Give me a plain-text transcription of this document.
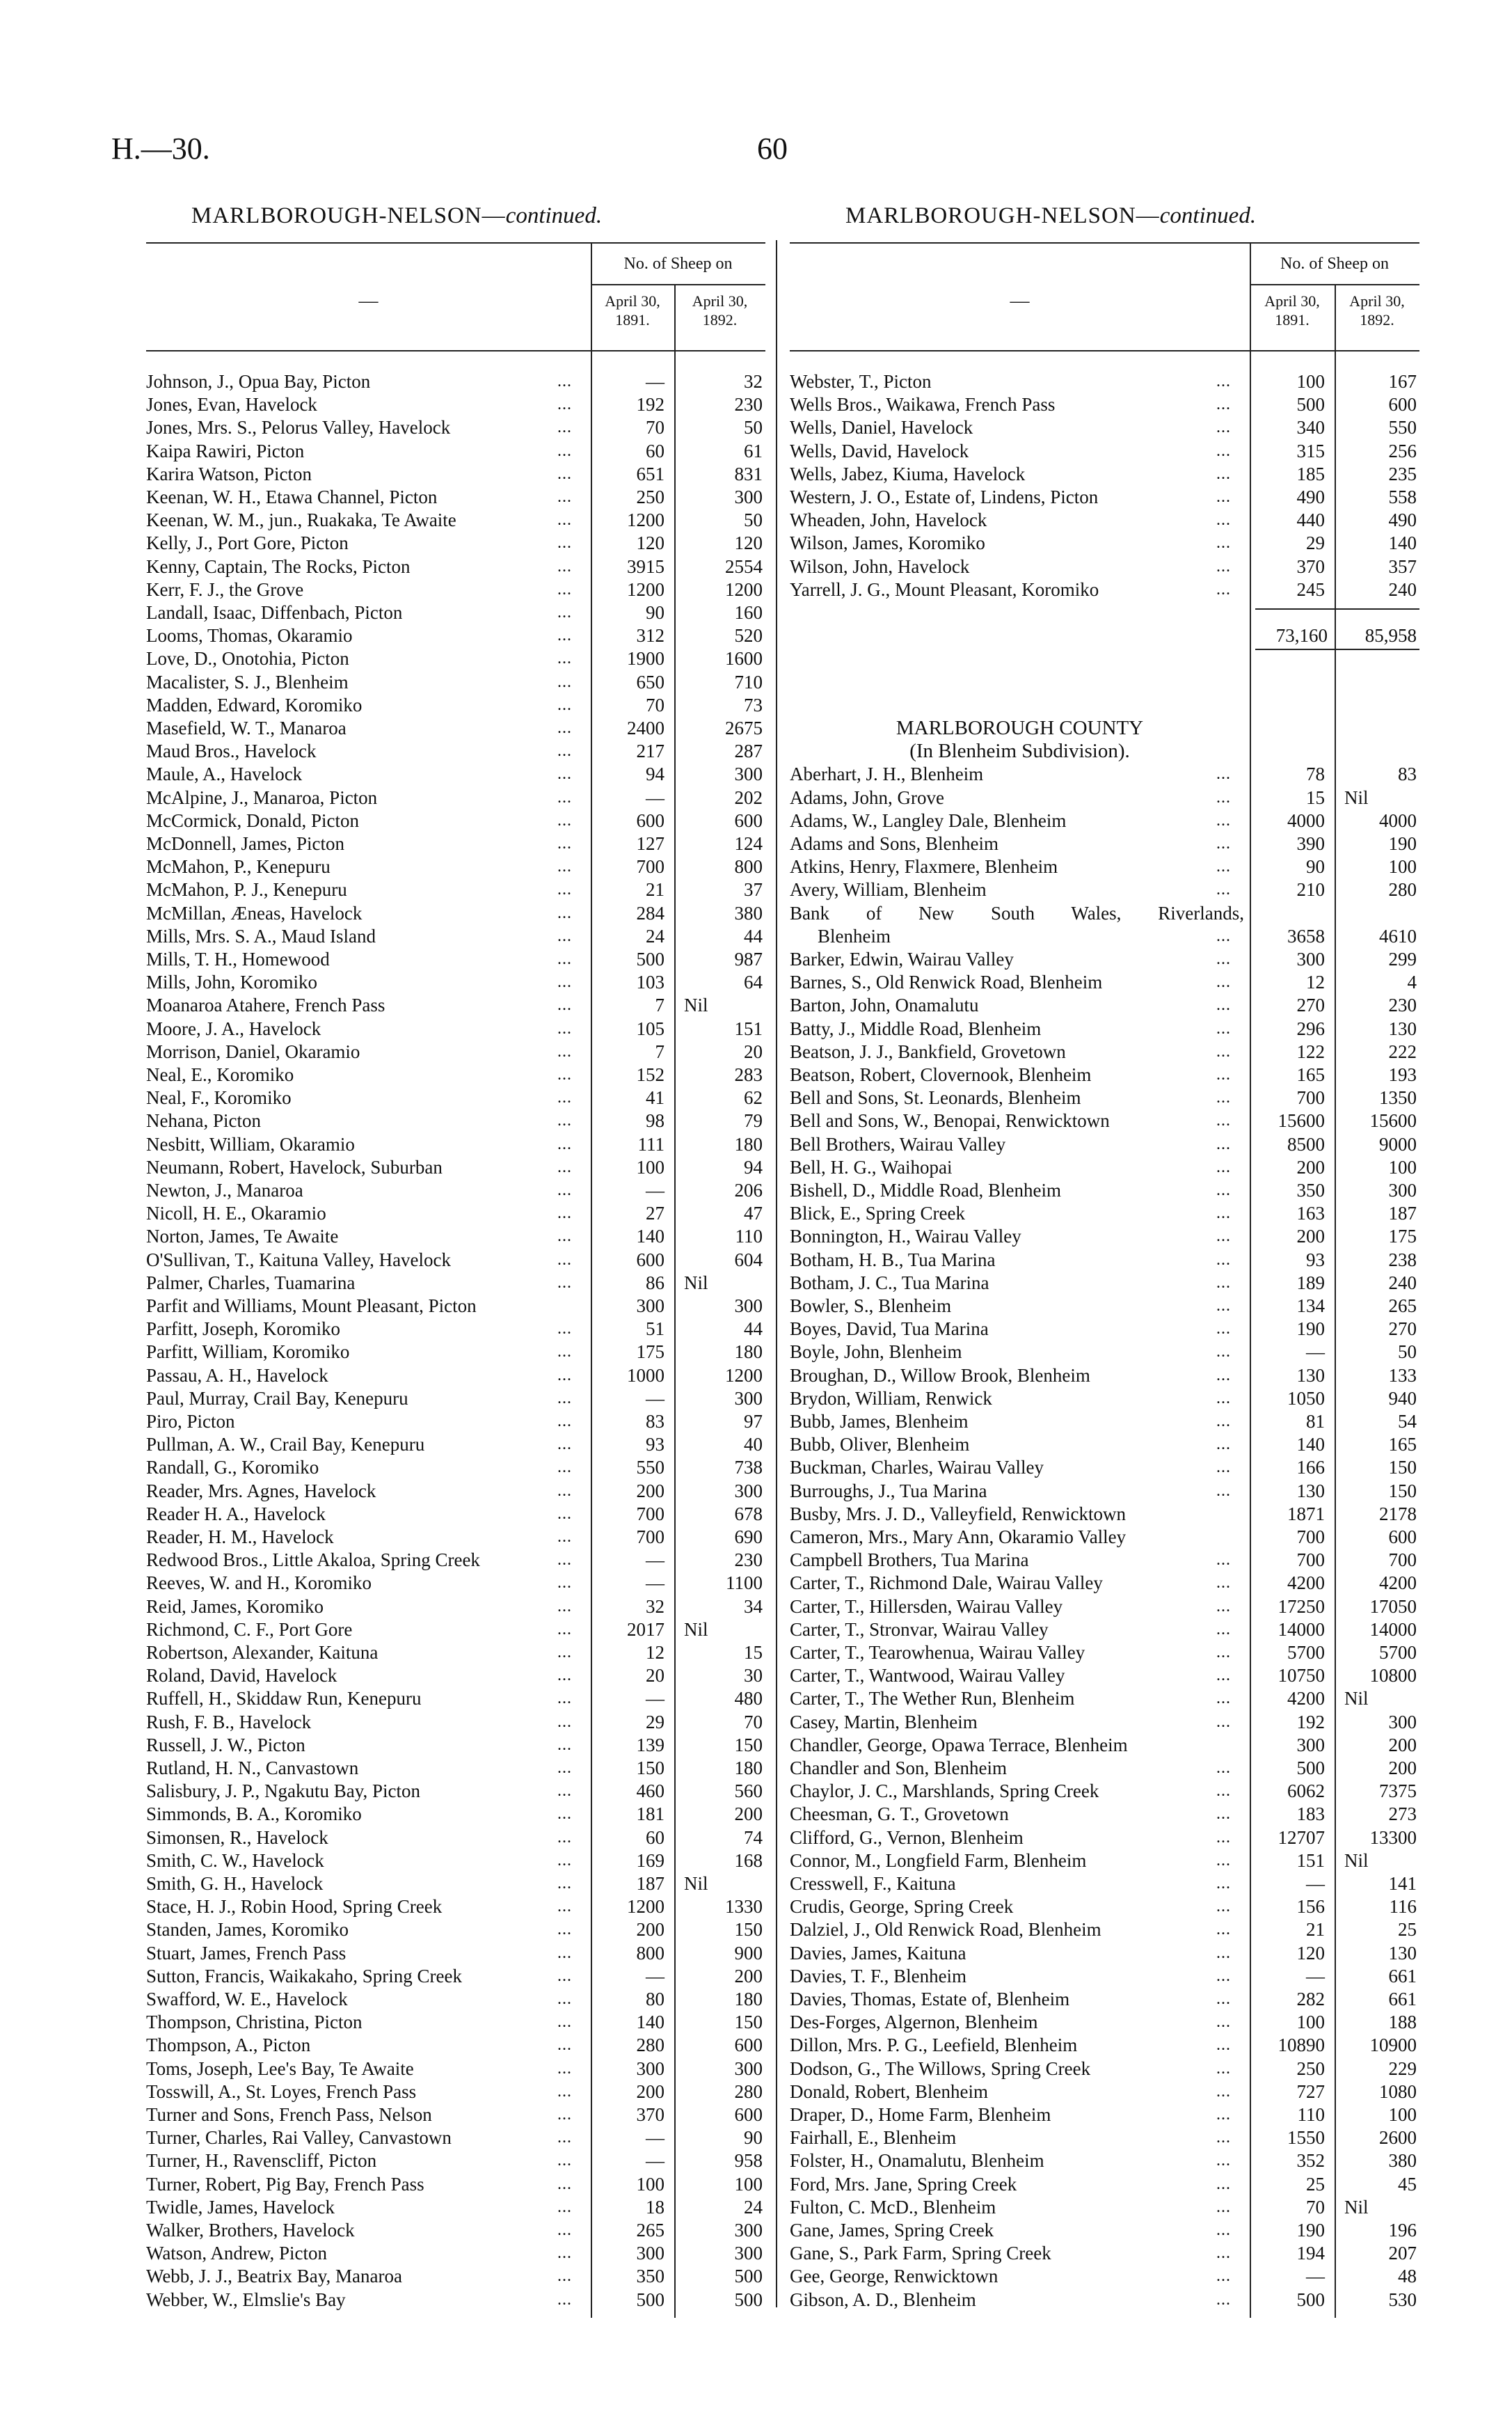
H.—30.	60
MARLBOROUGH-NELSON—continued.	MARLBOROUGH-NELSON—continued.
—
No. of Sheep on
April 30,
1891.
April 30,
1892.
—
No. of Sheep on
April 30,
1891.
April 30,
1892.
Johnson, J., Opua Bay, Picton	...	—	32
Jones, Evan, Havelock	...	192	230
Jones, Mrs. S., Pelorus Valley, Havelock	...	70	50
Kaipa Rawiri, Picton	...	60	61
Karira Watson, Picton	...	651	831
Keenan, W. H., Etawa Channel, Picton	...	250	300
Keenan, W. M., jun., Ruakaka, Te Awaite	...	1200	50
Kelly, J., Port Gore, Picton	...	120	120
Kenny, Captain, The Rocks, Picton	...	3915	2554
Kerr, F. J., the Grove	...	1200	1200
Landall, Isaac, Diffenbach, Picton	...	90	160
Looms, Thomas, Okaramio	...	312	520
Love, D., Onotohia, Picton	...	1900	1600
Macalister, S. J., Blenheim	...	650	710
Madden, Edward, Koromiko	...	70	73
Masefield, W. T., Manaroa	...	2400	2675
Maud Bros., Havelock	...	217	287
Maule, A., Havelock	...	94	300
McAlpine, J., Manaroa, Picton	...	—	202
McCormick, Donald, Picton	...	600	600
McDonnell, James, Picton	...	127	124
McMahon, P., Kenepuru	...	700	800
McMahon, P. J., Kenepuru	...	21	37
McMillan, Æneas, Havelock	...	284	380
Mills, Mrs. S. A., Maud Island	...	24	44
Mills, T. H., Homewood	...	500	987
Mills, John, Koromiko	...	103	64
Moanaroa Atahere, French Pass	...	7 Nil
Moore, J. A., Havelock	...	105	151
Morrison, Daniel, Okaramio	...	7	20
Neal, E., Koromiko	...	152	283
Neal, F., Koromiko	...	41	62
Nehana, Picton	...	98	79
Nesbitt, William, Okaramio	...	111	180
Neumann, Robert, Havelock, Suburban	...	100	94
Newton, J., Manaroa	...	—	206
Nicoll, H. E., Okaramio	...	27	47
Norton, James, Te Awaite	...	140	110
O'Sullivan, T., Kaituna Valley, Havelock	...	600	604
Palmer, Charles, Tuamarina	...	86 Nil
Parfit and Williams, Mount Pleasant, Picton	300	300
Parfitt, Joseph, Koromiko	...	51	44
Parfitt, William, Koromiko	...	175	180
Passau, A. H., Havelock	...	1000	1200
Paul, Murray, Crail Bay, Kenepuru	...	—	300
Piro, Picton	...	83	97
Pullman, A. W., Crail Bay, Kenepuru	...	93	40
Randall, G., Koromiko	...	550	738
Reader, Mrs. Agnes, Havelock	...	200	300
Reader H. A., Havelock	...	700	678
Reader, H. M., Havelock	...	700	690
Redwood Bros., Little Akaloa, Spring Creek	...	—	230
Reeves, W. and H., Koromiko	...	—	1100
Reid, James, Koromiko	...	32	34
Richmond, C. F., Port Gore	...	2017 Nil
Robertson, Alexander, Kaituna	...	12	15
Roland, David, Havelock	...	20	30
Ruffell, H., Skiddaw Run, Kenepuru	...	—	480
Rush, F. B., Havelock	...	29	70
Russell, J. W., Picton	...	139	150
Rutland, H. N., Canvastown	...	150	180
Salisbury, J. P., Ngakutu Bay, Picton	...	460	560
Simmonds, B. A., Koromiko	...	181	200
Simonsen, R., Havelock	...	60	74
Smith, C. W., Havelock	...	169	168
Smith, G. H., Havelock	...	187 Nil
Stace, H. J., Robin Hood, Spring Creek	...	1200	1330
Standen, James, Koromiko	...	200	150
Stuart, James, French Pass	...	800	900
Sutton, Francis, Waikakaho, Spring Creek	...	—	200
Swafford, W. E., Havelock	...	80	180
Thompson, Christina, Picton	...	140	150
Thompson, A., Picton	...	280	600
Toms, Joseph, Lee's Bay, Te Awaite	...	300	300
Tosswill, A., St. Loyes, French Pass	...	200	280
Turner and Sons, French Pass, Nelson	...	370	600
Turner, Charles, Rai Valley, Canvastown	...	—	90
Turner, H., Ravenscliff, Picton	...	—	958
Turner, Robert, Pig Bay, French Pass	...	100	100
Twidle, James, Havelock	...	18	24
Walker, Brothers, Havelock	...	265	300
Watson, Andrew, Picton	...	300	300
Webb, J. J., Beatrix Bay, Manaroa	...	350	500
Webber, W., Elmslie's Bay	...	500	500
Webster, T., Picton	...	100	167
Wells Bros., Waikawa, French Pass	...	500	600
Wells, Daniel, Havelock	...	340	550
Wells, David, Havelock	...	315	256
Wells, Jabez, Kiuma, Havelock	...	185	235
Western, J. O., Estate of, Lindens, Picton	...	490	558
Wheaden, John, Havelock	...	440	490
Wilson, James, Koromiko	...	29	140
Wilson, John, Havelock	...	370	357
Yarrell, J. G., Mount Pleasant, Koromiko	...	245	240
73,160	85,958
MARLBOROUGH COUNTY
(In Blenheim Subdivision).
Aberhart, J. H., Blenheim	...	78	83
Adams, John, Grove	...	15 Nil
Adams, W., Langley Dale, Blenheim	...	4000	4000
Adams and Sons, Blenheim	...	390	190
Atkins, Henry, Flaxmere, Blenheim	...	90	100
Avery, William, Blenheim	...	210	280
Bank of New South Wales, Riverlands,
Blenheim	...	3658	4610
Barker, Edwin, Wairau Valley	...	300	299
Barnes, S., Old Renwick Road, Blenheim	...	12	4
Barton, John, Onamalutu	...	270	230
Batty, J., Middle Road, Blenheim	...	296	130
Beatson, J. J., Bankfield, Grovetown	...	122	222
Beatson, Robert, Clovernook, Blenheim	...	165	193
Bell and Sons, St. Leonards, Blenheim	...	700	1350
Bell and Sons, W., Benopai, Renwicktown	...	15600	15600
Bell Brothers, Wairau Valley	...	8500	9000
Bell, H. G., Waihopai	...	200	100
Bishell, D., Middle Road, Blenheim	...	350	300
Blick, E., Spring Creek	...	163	187
Bonnington, H., Wairau Valley	...	200	175
Botham, H. B., Tua Marina	...	93	238
Botham, J. C., Tua Marina	...	189	240
Bowler, S., Blenheim	...	134	265
Boyes, David, Tua Marina	...	190	270
Boyle, John, Blenheim	...	—	50
Broughan, D., Willow Brook, Blenheim	...	130	133
Brydon, William, Renwick	...	1050	940
Bubb, James, Blenheim	...	81	54
Bubb, Oliver, Blenheim	...	140	165
Buckman, Charles, Wairau Valley	...	166	150
Burroughs, J., Tua Marina	...	130	150
Busby, Mrs. J. D., Valleyfield, Renwicktown	1871	2178
Cameron, Mrs., Mary Ann, Okaramio Valley	700	600
Campbell Brothers, Tua Marina	...	700	700
Carter, T., Richmond Dale, Wairau Valley	...	4200	4200
Carter, T., Hillersden, Wairau Valley	...	17250	17050
Carter, T., Stronvar, Wairau Valley	...	14000	14000
Carter, T., Tearowhenua, Wairau Valley	...	5700	5700
Carter, T., Wantwood, Wairau Valley	...	10750	10800
Carter, T., The Wether Run, Blenheim	...	4200 Nil
Casey, Martin, Blenheim	...	192	300
Chandler, George, Opawa Terrace, Blenheim	300	200
Chandler and Son, Blenheim	...	500	200
Chaylor, J. C., Marshlands, Spring Creek	...	6062	7375
Cheesman, G. T., Grovetown	...	183	273
Clifford, G., Vernon, Blenheim	...	12707	13300
Connor, M., Longfield Farm, Blenheim	...	151 Nil
Cresswell, F., Kaituna	...	—	141
Crudis, George, Spring Creek	...	156	116
Dalziel, J., Old Renwick Road, Blenheim	...	21	25
Davies, James, Kaituna	...	120	130
Davies, T. F., Blenheim	...	—	661
Davies, Thomas, Estate of, Blenheim	...	282	661
Des-Forges, Algernon, Blenheim	...	100	188
Dillon, Mrs. P. G., Leefield, Blenheim	...	10890	10900
Dodson, G., The Willows, Spring Creek	...	250	229
Donald, Robert, Blenheim	...	727	1080
Draper, D., Home Farm, Blenheim	...	110	100
Fairhall, E., Blenheim	...	1550	2600
Folster, H., Onamalutu, Blenheim	...	352	380
Ford, Mrs. Jane, Spring Creek	...	25	45
Fulton, C. McD., Blenheim	...	70 Nil
Gane, James, Spring Creek	...	190	196
Gane, S., Park Farm, Spring Creek	...	194	207
Gee, George, Renwicktown	...	—	48
Gibson, A. D., Blenheim	...	500	530
